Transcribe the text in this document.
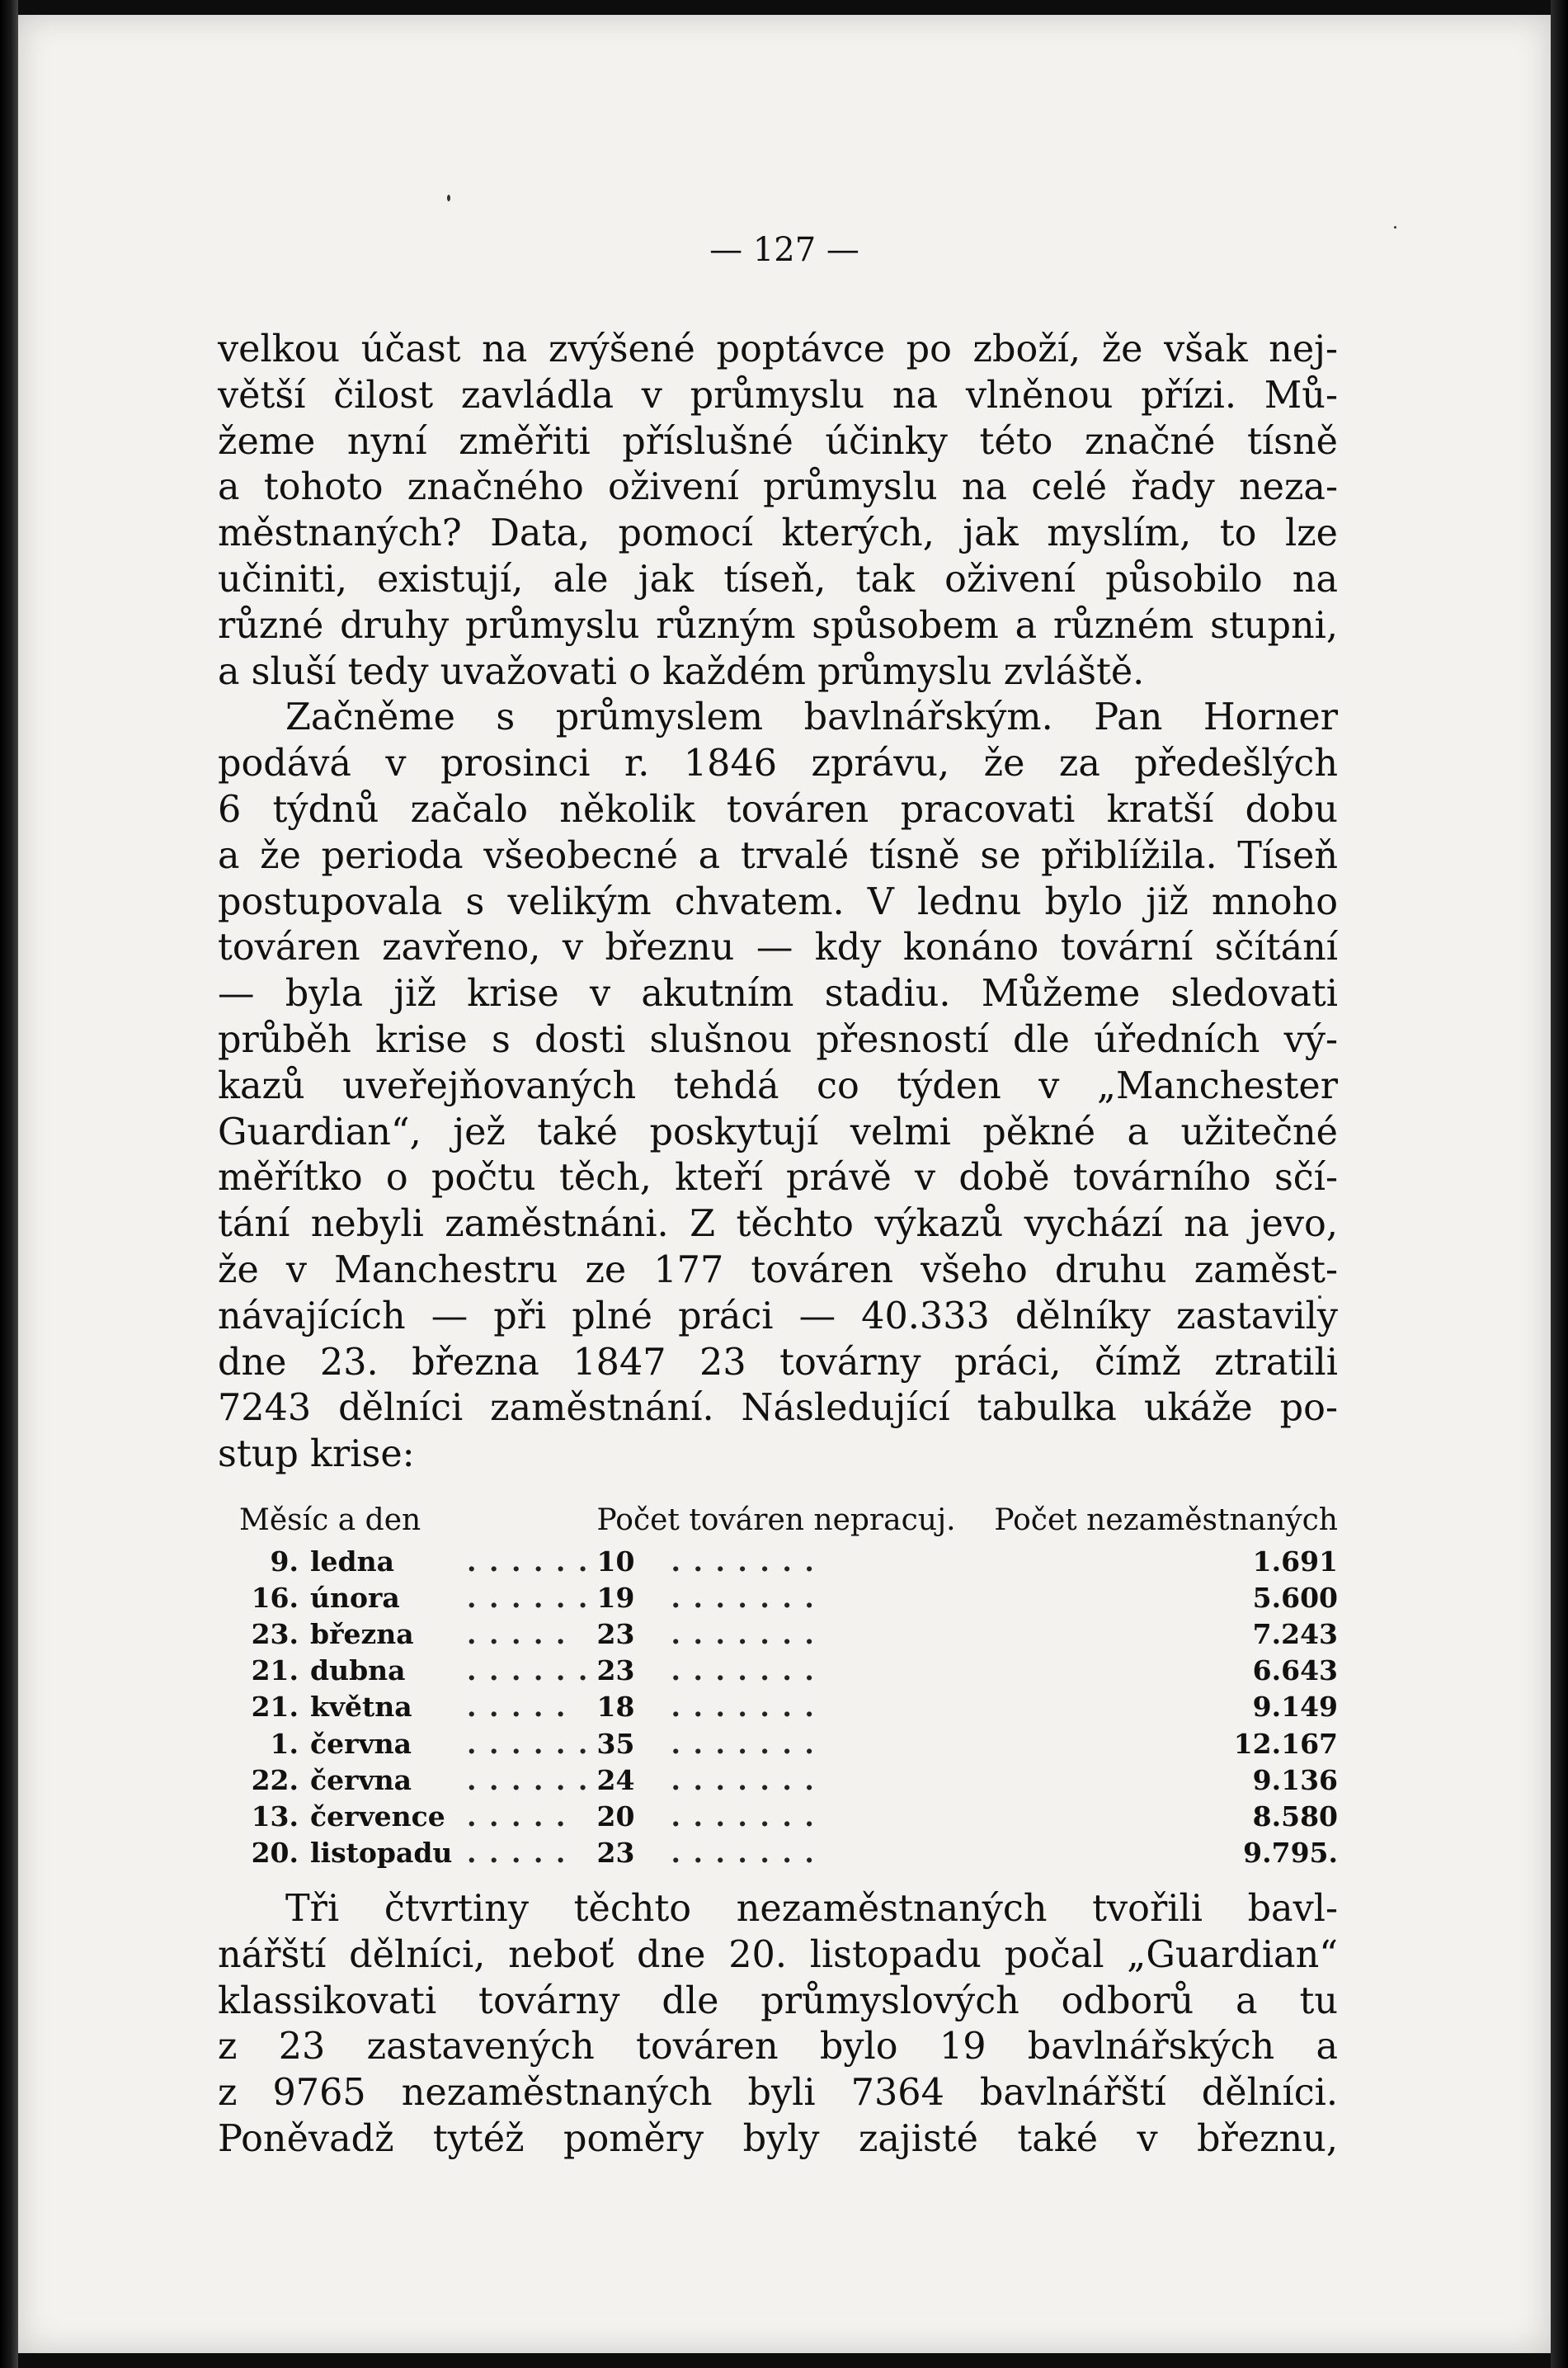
— 127 —
velkou účast na zvýšené poptávce po zboží, že však nej-
větší čilost zavládla v průmyslu na vlněnou přízi. Mů-
žeme nyní změřiti příslušné účinky této značné tísně
a tohoto značného oživení průmyslu na celé řady neza-
městnaných? Data, pomocí kterých, jak myslím, to lze
učiniti, existují, ale jak tíseň, tak oživení působilo na
různé druhy průmyslu různým spůsobem a různém stupni,
a sluší tedy uvažovati o každém průmyslu zvláště.
Začněme s průmyslem bavlnářským. Pan Horner
podává v prosinci r. 1846 zprávu, že za předešlých
6 týdnů začalo několik továren pracovati kratší dobu
a že perioda všeobecné a trvalé tísně se přiblížila. Tíseň
postupovala s velikým chvatem. V lednu bylo již mnoho
továren zavřeno, v březnu — kdy konáno tovární sčítání
— byla již krise v akutním stadiu. Můžeme sledovati
průběh krise s dosti slušnou přesností dle úředních vý-
kazů uveřejňovaných tehdá co týden v „Manchester
Guardian“, jež také poskytují velmi pěkné a užitečné
měřítko o počtu těch, kteří právě v době továrního sčí-
tání nebyli zaměstnáni. Z těchto výkazů vychází na jevo,
že v Manchestru ze 177 továren všeho druhu zaměst-
návajících — při plné práci — 40.333 dělníky zastavily
dne 23. března 1847 23 továrny práci, čímž ztratili
7243 dělníci zaměstnání. Následující tabulka ukáže po-
stup krise:
Měsíc a den			Počet továren nepracuj.		Počet nezaměstnaných
9.	ledna	. . . . . .	10	. . . . . . .	1.691
16.	února	. . . . . .	19	. . . . . . .	5.600
23.	března	. . . . .	23	. . . . . . .	7.243
21.	dubna	. . . . . .	23	. . . . . . .	6.643
21.	května	. . . . .	18	. . . . . . .	9.149
1.	června	. . . . . .	35	. . . . . . .	12.167
22.	června	. . . . . .	24	. . . . . . .	9.136
13.	července	. . . . .	20	. . . . . . .	8.580
20.	listopadu	. . . . .	23	. . . . . . .	9.795.
Tři čtvrtiny těchto nezaměstnaných tvořili bavl-
nářští dělníci, neboť dne 20. listopadu počal „Guardian“
klassikovati továrny dle průmyslových odborů a tu
z 23 zastavených továren bylo 19 bavlnářských a
z 9765 nezaměstnaných byli 7364 bavlnářští dělníci.
Poněvadž tytéž poměry byly zajisté také v březnu,
